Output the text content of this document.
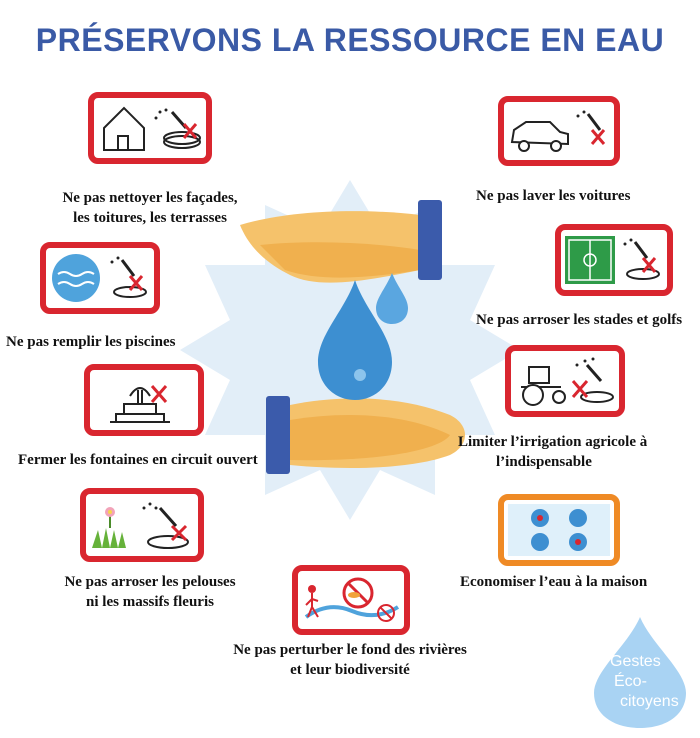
PRÉSERVONS LA RESSOURCE EN EAU
Ne pas nettoyer les façades,
les toitures, les terrasses
Ne pas laver les voitures
Ne pas remplir les piscines
Ne pas arroser les stades et golfs
Fermer les fontaines en circuit ouvert
Limiter l’irrigation agricole à
l’indispensable
Ne pas arroser les pelouses
ni les massifs fleuris
Economiser l’eau à la maison
Ne pas perturber le fond des rivières
et leur biodiversité	Gestes
Éco-
citoyens
